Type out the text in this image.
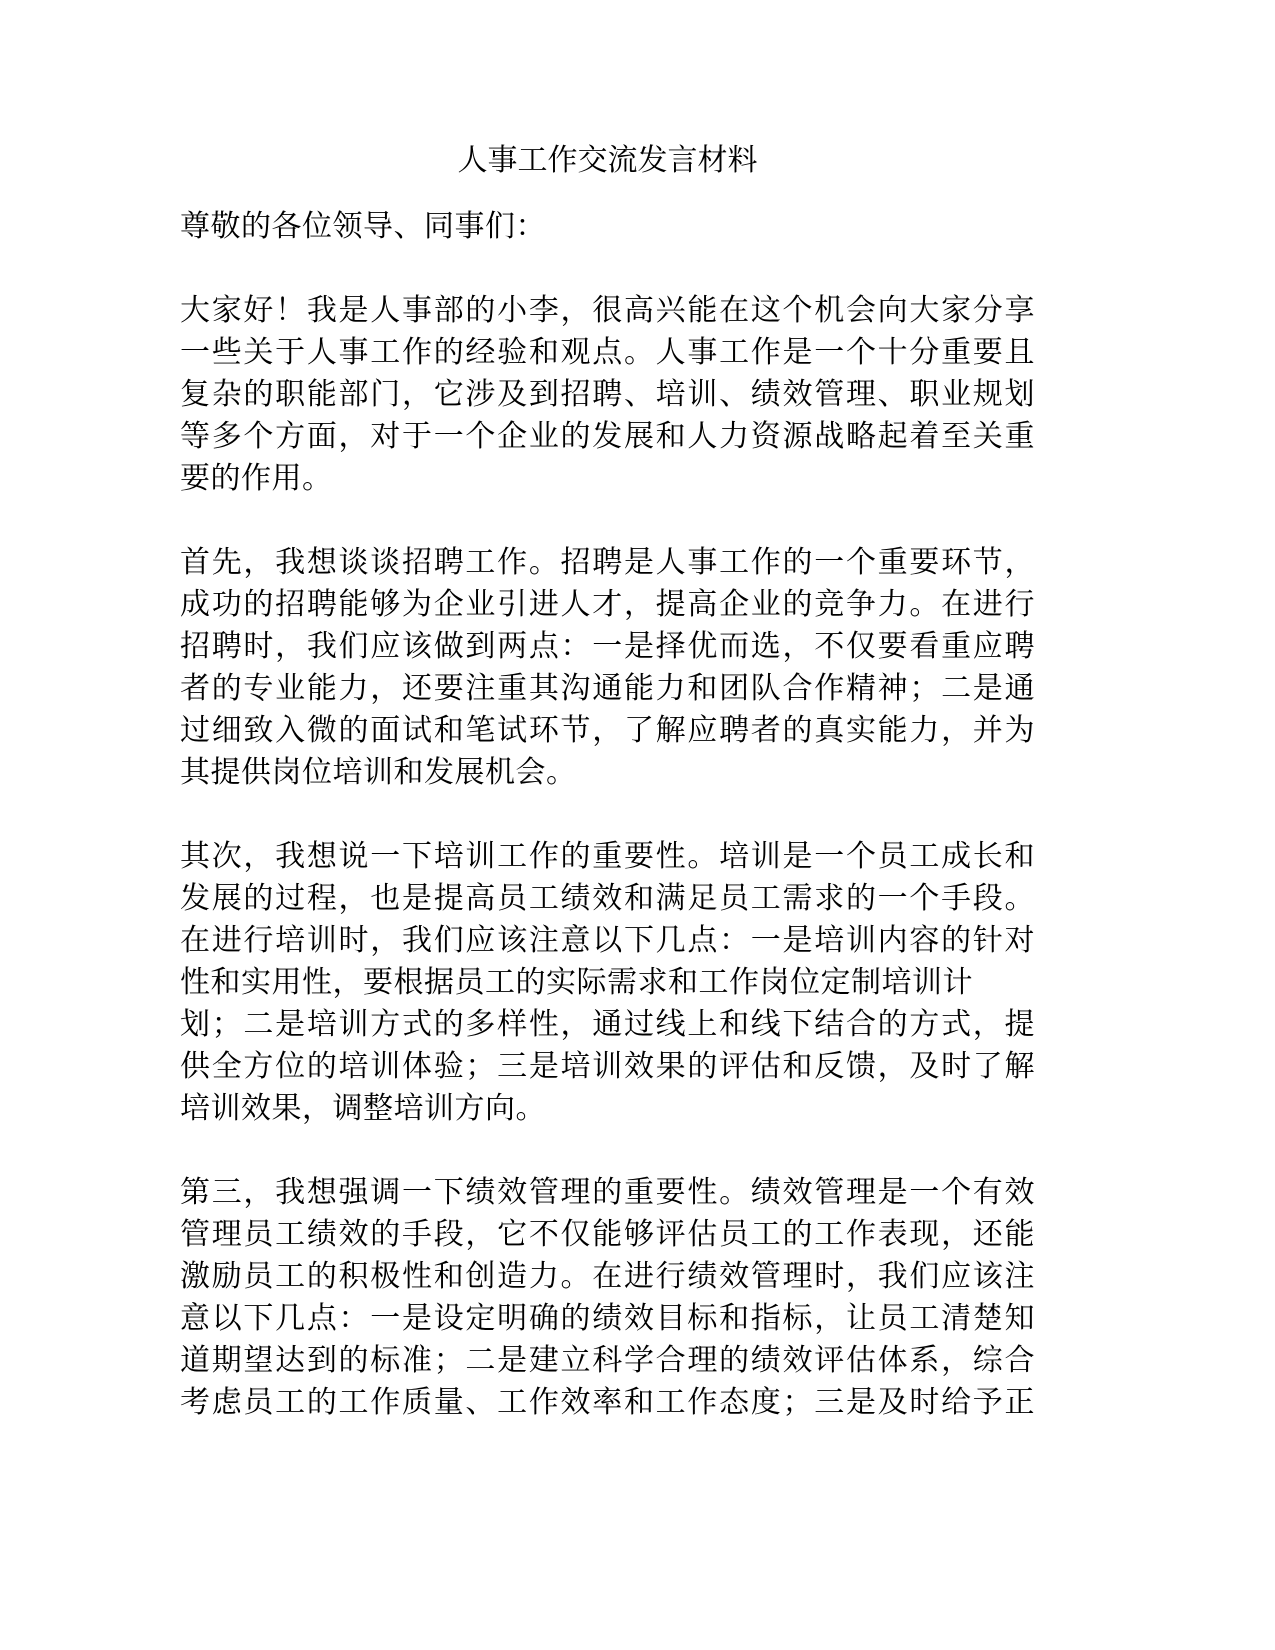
人事工作交流发言材料

尊敬的各位领导、同事们：

大家好！我是人事部的小李，很高兴能在这个机会向大家分享
一些关于人事工作的经验和观点。人事工作是一个十分重要且
复杂的职能部门，它涉及到招聘、培训、绩效管理、职业规划
等多个方面，对于一个企业的发展和人力资源战略起着至关重
要的作用。

首先，我想谈谈招聘工作。招聘是人事工作的一个重要环节，
成功的招聘能够为企业引进人才，提高企业的竞争力。在进行
招聘时，我们应该做到两点：一是择优而选，不仅要看重应聘
者的专业能力，还要注重其沟通能力和团队合作精神；二是通
过细致入微的面试和笔试环节，了解应聘者的真实能力，并为
其提供岗位培训和发展机会。

其次，我想说一下培训工作的重要性。培训是一个员工成长和
发展的过程，也是提高员工绩效和满足员工需求的一个手段。
在进行培训时，我们应该注意以下几点：一是培训内容的针对
性和实用性，要根据员工的实际需求和工作岗位定制培训计
划；二是培训方式的多样性，通过线上和线下结合的方式，提
供全方位的培训体验；三是培训效果的评估和反馈，及时了解
培训效果，调整培训方向。

第三，我想强调一下绩效管理的重要性。绩效管理是一个有效
管理员工绩效的手段，它不仅能够评估员工的工作表现，还能
激励员工的积极性和创造力。在进行绩效管理时，我们应该注
意以下几点：一是设定明确的绩效目标和指标，让员工清楚知
道期望达到的标准；二是建立科学合理的绩效评估体系，综合
考虑员工的工作质量、工作效率和工作态度；三是及时给予正
